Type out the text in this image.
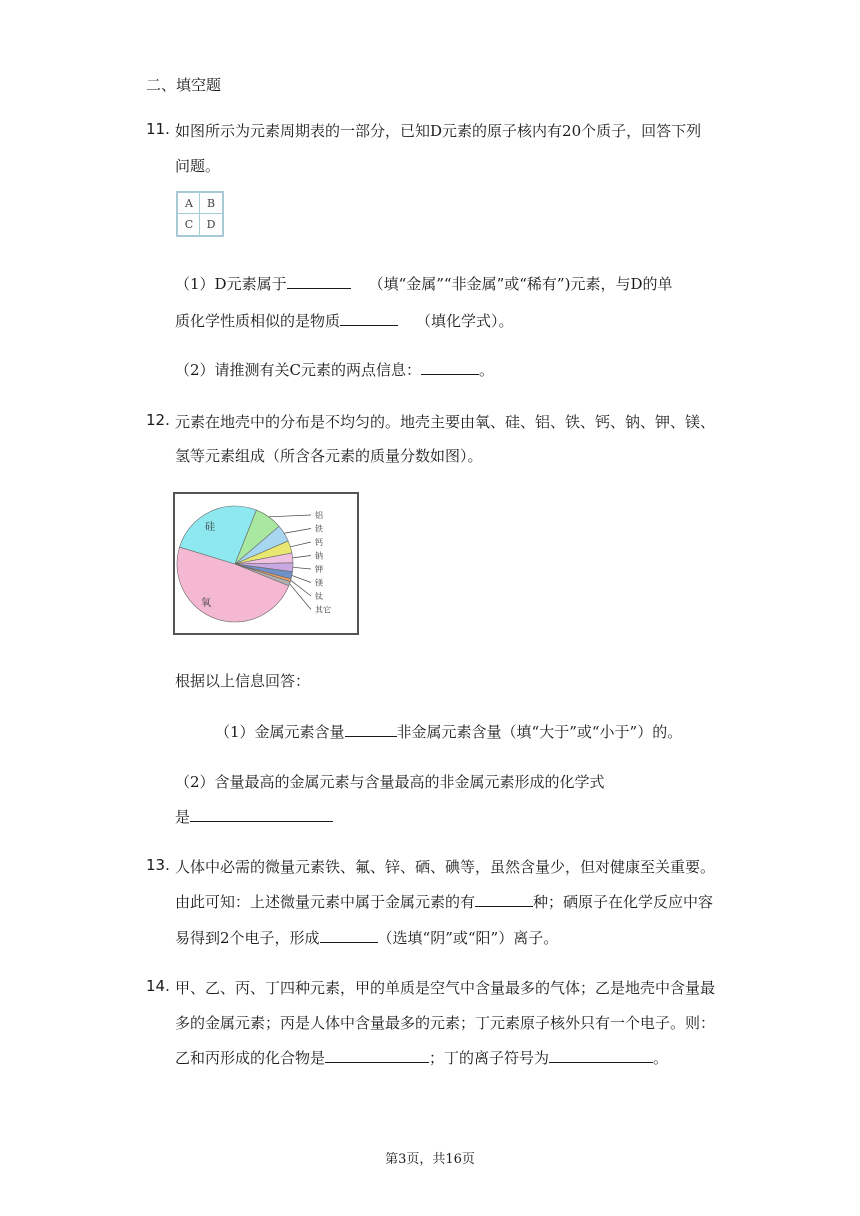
二、填空题
11. 如图所示为元素周期表的一部分，已知D元素的原子核内有20个质子，回答下列
问题。
A	B
C	D
（1）D元素属于	（填“金属”“非金属”或“稀有”)元素，与D的单
质化学性质相似的是物质	（填化学式）。
（2）请推测有关C元素的两点信息：	。
12. 元素在地壳中的分布是不均匀的。地壳主要由氧、硅、铝、铁、钙、钠、钾、镁、
氢等元素组成（所含各元素的质量分数如图）。
氧
硅
铝
铁
钙
钠
钾
镁
钛
其它
根据以上信息回答：
（1）金属元素含量	非金属元素含量（填“大于”或“小于”）的。
（2）含量最高的金属元素与含量最高的非金属元素形成的化学式
是
13. 人体中必需的微量元素铁、氟、锌、硒、碘等，虽然含量少，但对健康至关重要。
由此可知：上述微量元素中属于金属元素的有	种；硒原子在化学反应中容
易得到2个电子，形成	（选填“阴”或“阳”）离子。
14. 甲、乙、丙、丁四种元素，甲的单质是空气中含量最多的气体；乙是地壳中含量最
多的金属元素；丙是人体中含量最多的元素；丁元素原子核外只有一个电子。则：
乙和丙形成的化合物是	；丁的离子符号为	。
第3页，共16页
